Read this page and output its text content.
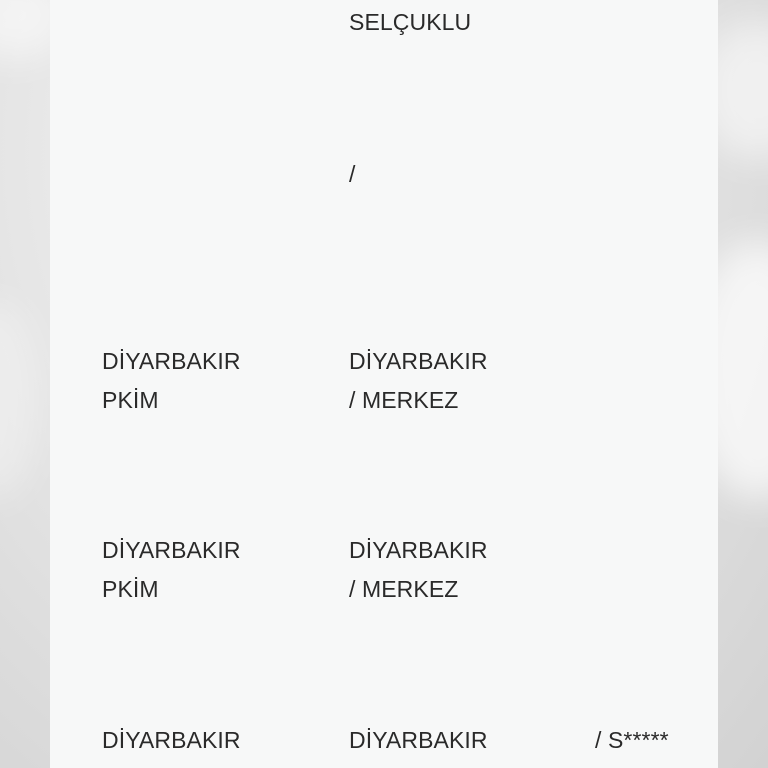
SELÇUKLU
/
DİYARBAKIR
PKİM
DİYARBAKIR
/ MERKEZ
DİYARBAKIR
PKİM
DİYARBAKIR
/ MERKEZ
DİYARBAKIR	DİYARBAKIR	/ S*****
